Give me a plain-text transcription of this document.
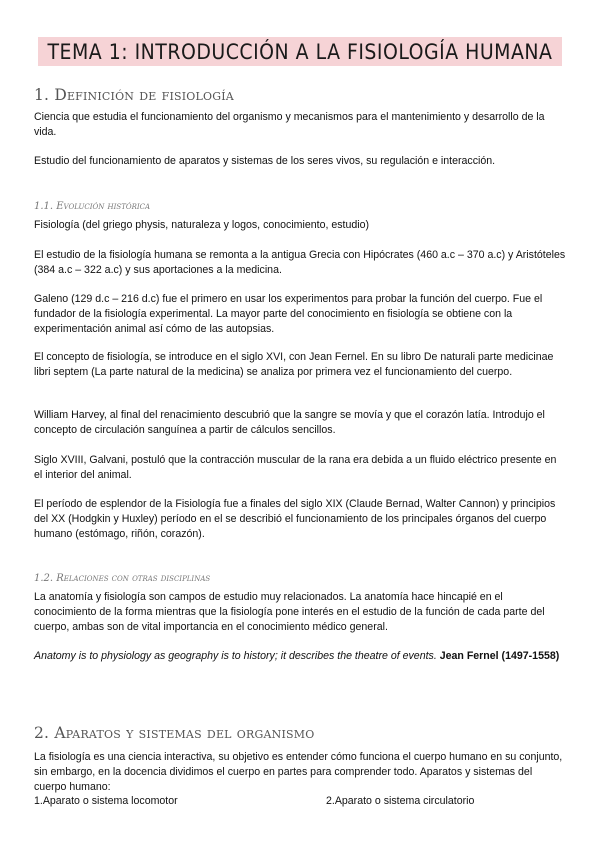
TEMA 1: INTRODUCCIÓN A LA FISIOLOGÍA HUMANA
1. Definición de fisiología
Ciencia que estudia el funcionamiento del organismo y mecanismos para el mantenimiento y desarrollo de la vida.
Estudio del funcionamiento de aparatos y sistemas de los seres vivos, su regulación e interacción.
1.1. Evolución histórica
Fisiología (del griego physis, naturaleza y logos, conocimiento, estudio)
El estudio de la fisiología humana se remonta a la antigua Grecia con Hipócrates (460 a.c – 370 a.c) y Aristóteles (384 a.c – 322 a.c) y sus aportaciones a la medicina.
Galeno (129 d.c – 216 d.c) fue el primero en usar los experimentos para probar la función del cuerpo. Fue el fundador de la fisiología experimental. La mayor parte del conocimiento en fisiología se obtiene con la experimentación animal así cómo de las autopsias.
El concepto de fisiología, se introduce en el siglo XVI, con Jean Fernel. En su libro De naturali parte medicinae libri septem (La parte natural de la medicina) se analiza por primera vez el funcionamiento del cuerpo.
William Harvey, al final del renacimiento descubrió que la sangre se movía y que el corazón latía. Introdujo el concepto de circulación sanguínea a partir de cálculos sencillos.
Siglo XVIII, Galvani, postuló que la contracción muscular de la rana era debida a un fluido eléctrico presente en el interior del animal.
El período de esplendor de la Fisiología fue a finales del siglo XIX (Claude Bernad, Walter Cannon) y principios del XX (Hodgkin y Huxley) período en el se describió el funcionamiento de los principales órganos del cuerpo humano (estómago, riñón, corazón).
1.2. Relaciones con otras disciplinas
La anatomía y fisiología son campos de estudio muy relacionados. La anatomía hace hincapié en el conocimiento de la forma mientras que la fisiología pone interés en el estudio de la función de cada parte del cuerpo, ambas son de vital importancia en el conocimiento médico general.
Anatomy is to physiology as geography is to history; it describes the theatre of events. Jean Fernel (1497-1558)
2. Aparatos y sistemas del organismo
La fisiología es una ciencia interactiva, su objetivo es entender cómo funciona el cuerpo humano en su conjunto, sin embargo, en la docencia dividimos el cuerpo en partes para comprender todo. Aparatos y sistemas del cuerpo humano:
1.Aparato o sistema locomotor	2.Aparato o sistema circulatorio
